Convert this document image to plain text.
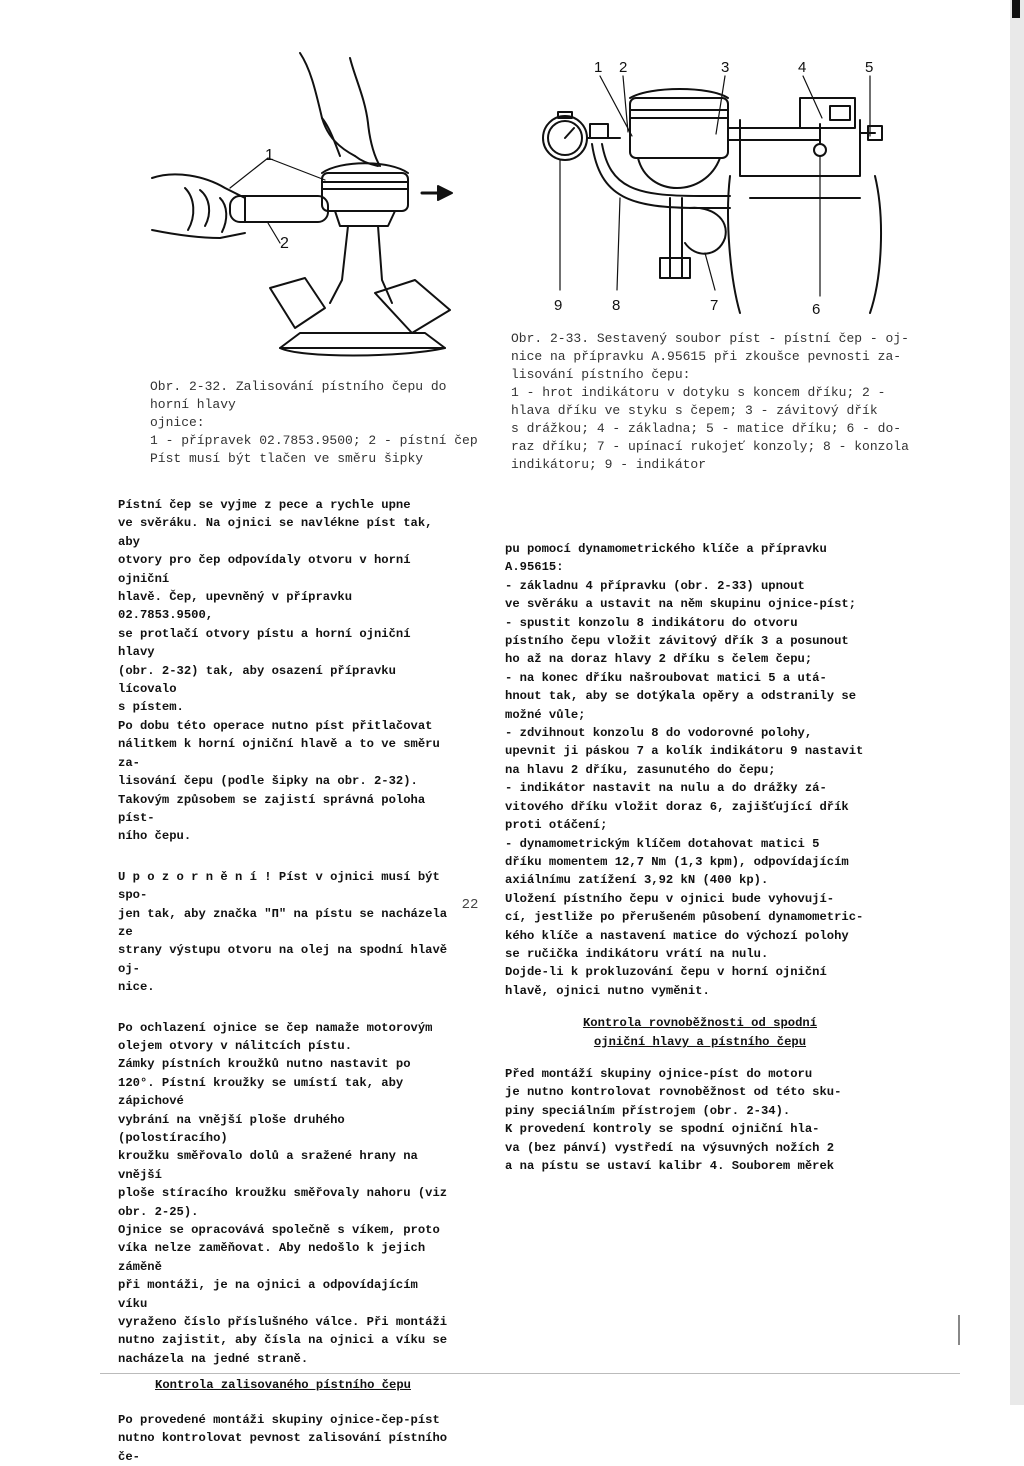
1
2
1 2	3	4	5
9	8	7	6
Obr. 2-32. Zalisování pístního čepu do horní hlavy
ojnice:
1 - přípravek 02.7853.9500; 2 - pístní čep
Píst musí být tlačen ve směru šipky
Obr. 2-33. Sestavený soubor píst - pístní čep - oj-
nice na přípravku A.95615 při zkoušce pevnosti za-
lisování pístního čepu:
1 - hrot indikátoru v dotyku s koncem dříku; 2 -
hlava dříku ve styku s čepem; 3 - závitový dřík
s drážkou; 4 - základna; 5 - matice dříku; 6 - do-
raz dříku; 7 - upínací rukojeť konzoly; 8 - konzola
indikátoru; 9 - indikátor

Pístní čep se vyjme z pece a rychle upne
ve svěráku. Na ojnici se navlékne píst tak, aby
otvory pro čep odpovídaly otvoru v horní ojniční
hlavě. Čep, upevněný v přípravku 02.7853.9500,
se protlačí otvory pístu a horní ojniční hlavy
(obr. 2-32) tak, aby osazení přípravku lícovalo
s pístem.

Po dobu této operace nutno píst přitlačovat
nálitkem k horní ojniční hlavě a to ve směru za-
lisování čepu (podle šipky na obr. 2-32).
Takovým způsobem se zajistí správná poloha píst-
ního čepu.

U p o z o r n ě n í ! Píst v ojnici musí být spo-
jen tak, aby značka "П" na pístu se nacházela ze
strany výstupu otvoru na olej na spodní hlavě oj-
nice.

Po ochlazení ojnice se čep namaže motorovým
olejem otvory v nálitcích pístu.

Zámky pístních kroužků nutno nastavit po
120°. Pístní kroužky se umístí tak, aby zápichové
vybrání na vnější ploše druhého (polostíracího)
kroužku směřovalo dolů a sražené hrany na vnější
ploše stíracího kroužku směřovaly nahoru (viz
obr. 2-25).

Ojnice se opracovává společně s víkem, proto
víka nelze zaměňovat. Aby nedošlo k jejich záměně
při montáži, je na ojnici a odpovídajícím víku
vyraženo číslo příslušného válce. Při montáži
nutno zajistit, aby čísla na ojnici a víku se
nacházela na jedné straně.

Kontrola zalisovaného pístního čepu

Po provedené montáži skupiny ojnice-čep-píst
nutno kontrolovat pevnost zalisování pístního če-

pu pomocí dynamometrického klíče a přípravku
A.95615:

- základnu 4 přípravku (obr. 2-33) upnout
ve svěráku a ustavit na něm skupinu ojnice-píst;
- spustit konzolu 8 indikátoru do otvoru
pístního čepu vložit závitový dřík 3 a posunout
ho až na doraz hlavy 2 dříku s čelem čepu;
- na konec dříku našroubovat matici 5 a utá-
hnout tak, aby se dotýkala opěry a odstranily se
možné vůle;
- zdvihnout konzolu 8 do vodorovné polohy,
upevnit ji páskou 7 a kolík indikátoru 9 nastavit
na hlavu 2 dříku, zasunutého do čepu;
- indikátor nastavit na nulu a do drážky zá-
vitového dříku vložit doraz 6, zajišťující dřík
proti otáčení;
- dynamometrickým klíčem dotahovat matici 5
dříku momentem 12,7 Nm (1,3 kpm), odpovídajícím
axiálnímu zatížení 3,92 kN (400 kp).

Uložení pístního čepu v ojnici bude vyhovují-
cí, jestliže po přerušeném působení dynamometric-
kého klíče a nastavení matice do výchozí polohy
se ručička indikátoru vrátí na nulu.

Dojde-li k prokluzování čepu v horní ojniční
hlavě, ojnici nutno vyměnit.

Kontrola rovnoběžnosti od spodní

ojniční hlavy a pístního čepu

Před montáží skupiny ojnice-píst do motoru
je nutno kontrolovat rovnoběžnost od této sku-
piny speciálním přístrojem (obr. 2-34).

K provedení kontroly se spodní ojniční hla-
va (bez pánví) vystředí na výsuvných nožích 2
a na pístu se ustaví kalibr 4. Souborem měrek

22
